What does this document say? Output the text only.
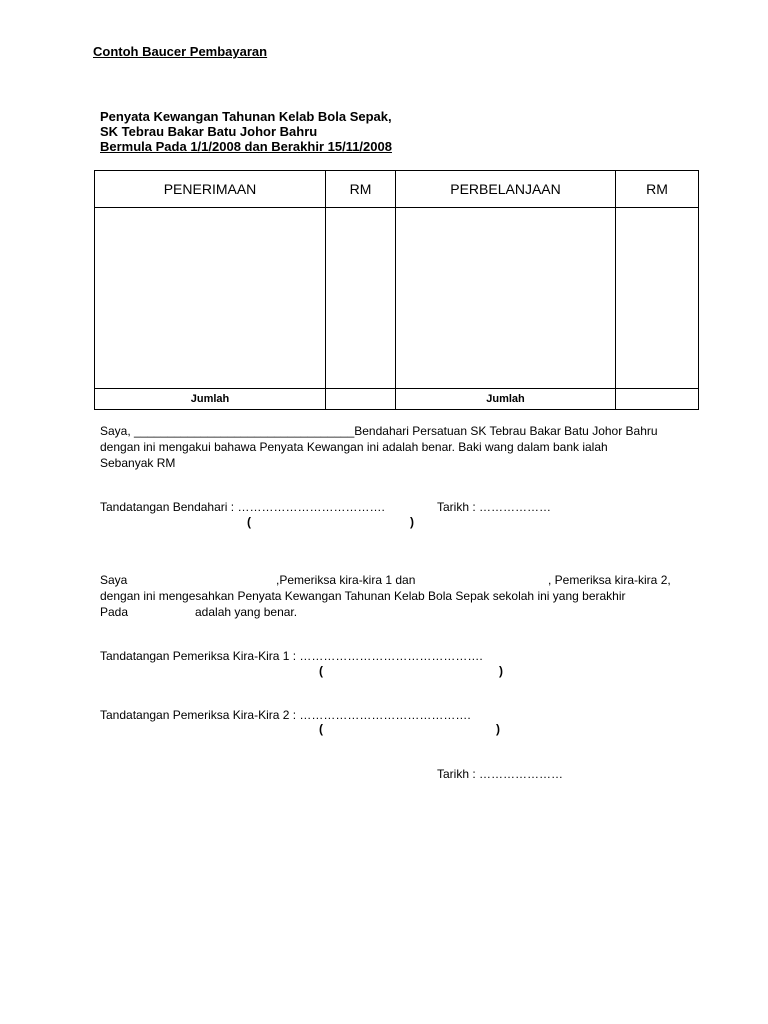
Contoh Baucer Pembayaran
Penyata Kewangan Tahunan Kelab Bola Sepak,
SK Tebrau Bakar Batu Johor Bahru
Bermula Pada 1/1/2008 dan Berakhir 15/11/2008
PENERIMAAN	RM	PERBELANJAAN	RM

Jumlah		Jumlah	
Saya, _________________________________Bendahari Persatuan SK Tebrau Bakar Batu Johor Bahru
dengan ini mengakui bahawa Penyata Kewangan ini adalah benar. Baki wang dalam bank ialah
Sebanyak RM
Tandatangan Bendahari : ……………………………….	Tarikh : ………………
(	)
Saya	,Pemeriksa kira-kira 1 dan	, Pemeriksa kira-kira 2,
dengan ini mengesahkan Penyata Kewangan Tahunan Kelab Bola Sepak sekolah ini yang berakhir
Pada	adalah yang benar.
Tandatangan Pemeriksa Kira-Kira 1 : ……………………………………….
(	)
Tandatangan Pemeriksa Kira-Kira 2 : …………………………………….
(	)
Tarikh : …………………
